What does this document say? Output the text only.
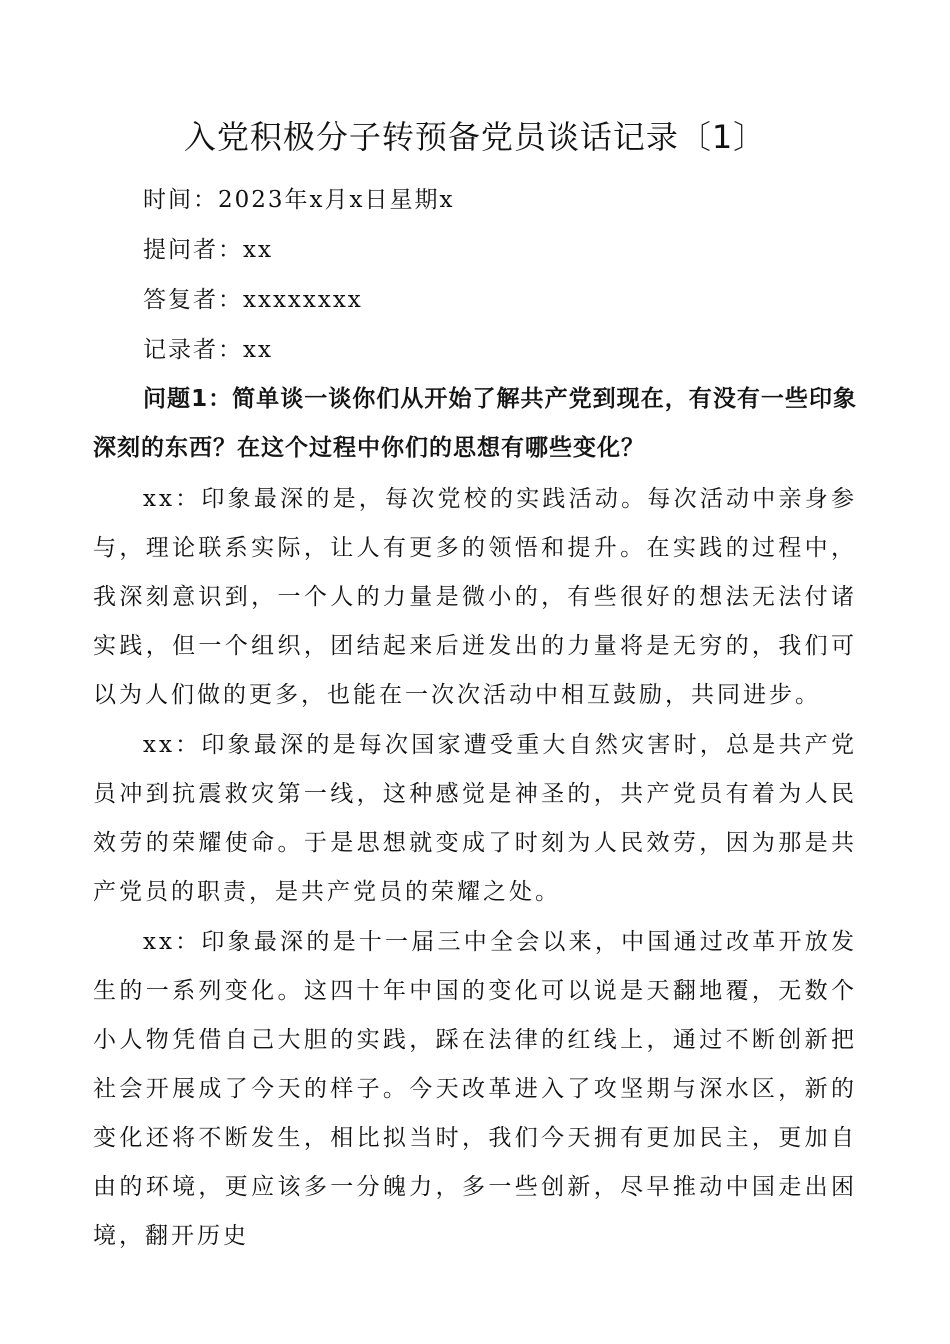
入党积极分子转预备党员谈话记录〔1〕
时间：2023年x月x日星期x
提问者：xx
答复者：xxxxxxxx
记录者：xx

问题1：简单谈一谈你们从开始了解共产党到现在，有没有一些印象深刻的东西？在这个过程中你们的思想有哪些变化？

xx：印象最深的是，每次党校的实践活动。每次活动中亲身参与，理论联系实际，让人有更多的领悟和提升。在实践的过程中，我深刻意识到，一个人的力量是微小的，有些很好的想法无法付诸实践，但一个组织，团结起来后迸发出的力量将是无穷的，我们可以为人们做的更多，也能在一次次活动中相互鼓励，共同进步。

xx：印象最深的是每次国家遭受重大自然灾害时，总是共产党员冲到抗震救灾第一线，这种感觉是神圣的，共产党员有着为人民效劳的荣耀使命。于是思想就变成了时刻为人民效劳，因为那是共产党员的职责，是共产党员的荣耀之处。

xx：印象最深的是十一届三中全会以来，中国通过改革开放发生的一系列变化。这四十年中国的变化可以说是天翻地覆，无数个小人物凭借自己大胆的实践，踩在法律的红线上，通过不断创新把社会开展成了今天的样子。今天改革进入了攻坚期与深水区，新的变化还将不断发生，相比拟当时，我们今天拥有更加民主，更加自由的环境，更应该多一分魄力，多一些创新，尽早推动中国走出困境，翻开历史
